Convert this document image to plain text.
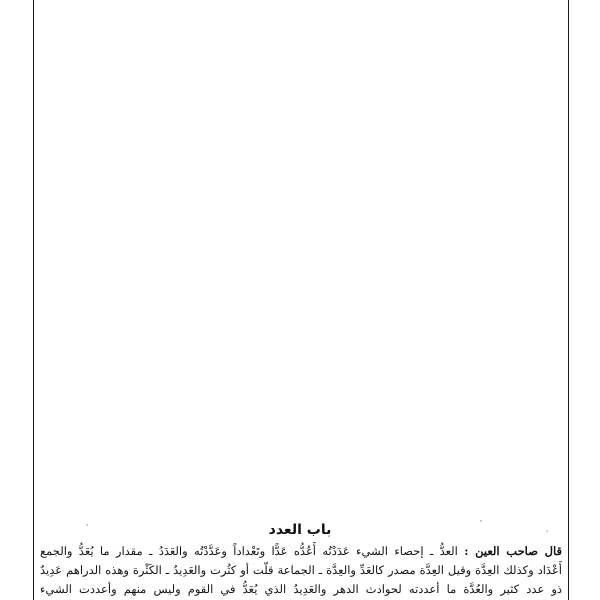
باب العدد
قال صاحب العين : العدُّ ـ إحصاء الشيء عَدَدْتُه أَعُدُّه عَدًّا وتَعْداداً وعَدَّدْتُه والعَدَدُ ـ مقدار ما يُعَدُّ والجمع
أَعْدَاد وكذلك العِدَّة وقيل العِدَّة مصدر كالعَدِّ والعِدَّة ـ الجماعة قلَّت أو كثُرت والعَدِيدُ ـ الكَثْرة وهذه الدراهم عَدِيدٌ
ذو عدد كثير والعُدَّة ما أعددته لحوادث الدهر والعَدِيدُ الذي يُعَدُّ في القوم وليس منهم وأعددت الشيء
